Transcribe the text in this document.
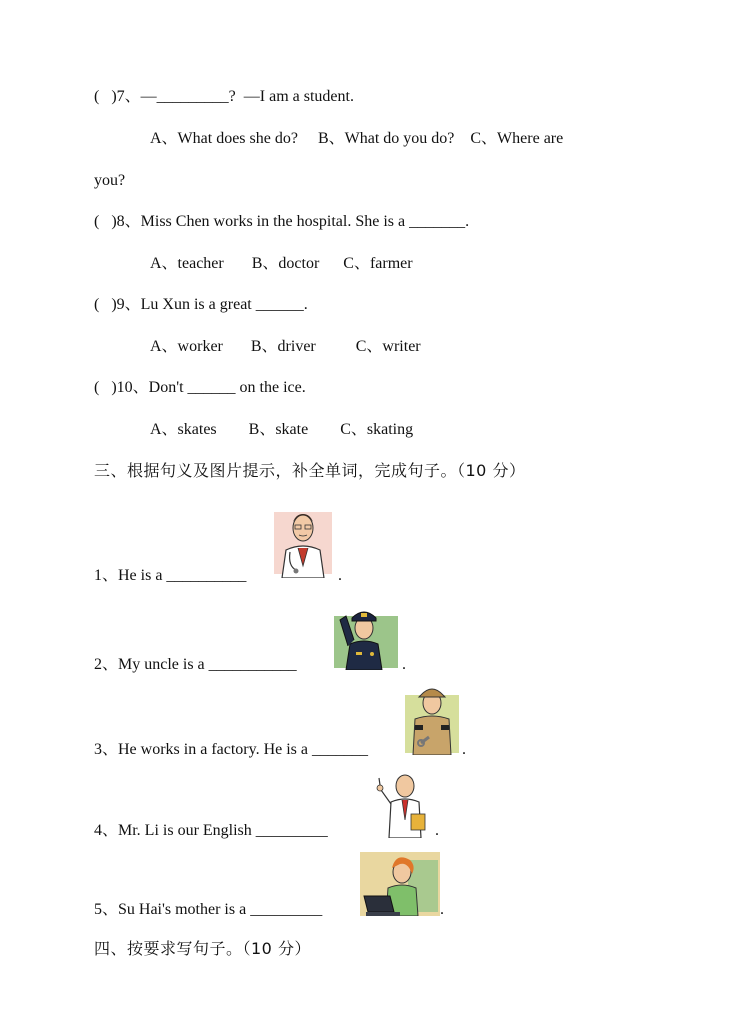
(   )7、—_________?  —I am a student.
A、What does she do?     B、What do you do?    C、Where are
you?
(   )8、Miss Chen works in the hospital. She is a _______.
A、teacher       B、doctor      C、farmer
(   )9、Lu Xun is a great ______.
A、worker       B、driver          C、writer
(   )10、Don't ______ on the ice.
A、skates        B、skate        C、skating
三、根据句义及图片提示，补全单词，完成句子。（10 分）
1、He is a __________	.
2、My uncle is a ___________	.
3、He works in a factory. He is a _______	.
4、Mr. Li is our English _________	.
5、Su Hai's mother is a _________	.
四、按要求写句子。（10 分）
